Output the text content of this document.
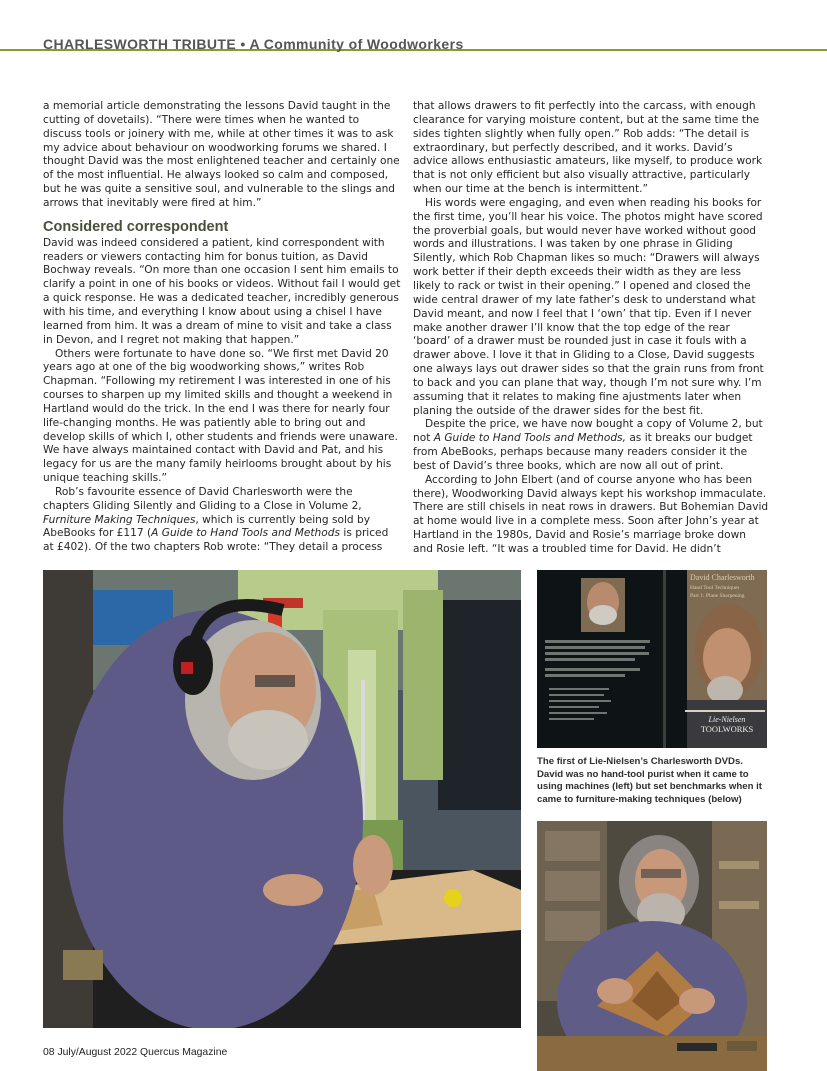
CHARLESWORTH TRIBUTE • A Community of Woodworkers

a memorial article demonstrating the lessons David taught in the cutting of dovetails). “There were times when he wanted to discuss tools or joinery with me, while at other times it was to ask my advice about behaviour on woodworking forums we shared. I thought David was the most enlightened teacher and certainly one of the most influential. He always looked so calm and composed, but he was quite a sensitive soul, and vulnerable to the slings and arrows that inevitably were fired at him.”

Considered correspondent

David was indeed considered a patient, kind correspondent with readers or viewers contacting him for bonus tuition, as David Bochway reveals. “On more than one occasion I sent him emails to clarify a point in one of his books or videos. Without fail I would get a quick response. He was a dedicated teacher, incredibly generous with his time, and everything I know about using a chisel I have learned from him. It was a dream of mine to visit and take a class in Devon, and I regret not making that happen.”

Others were fortunate to have done so. “We first met David 20 years ago at one of the big woodworking shows,” writes Rob Chapman. “Following my retirement I was interested in one of his courses to sharpen up my limited skills and thought a weekend in Hartland would do the trick. In the end I was there for nearly four life-changing months. He was patiently able to bring out and develop skills of which I, other students and friends were unaware. We have always maintained contact with David and Pat, and his legacy for us are the many family heirlooms brought about by his unique teaching skills.”

Rob’s favourite essence of David Charlesworth were the chapters Gliding Silently and Gliding to a Close in Volume 2, Furniture Making Techniques, which is currently being sold by AbeBooks for £117 (A Guide to Hand Tools and Methods is priced at £402). Of the two chapters Rob wrote: “They detail a process

that allows drawers to fit perfectly into the carcass, with enough clearance for varying moisture content, but at the same time the sides tighten slightly when fully open.” Rob adds: “The detail is extraordinary, but perfectly described, and it works. David’s advice allows enthusiastic amateurs, like myself, to produce work that is not only efficient but also visually attractive, particularly when our time at the bench is intermittent.”

His words were engaging, and even when reading his books for the first time, you’ll hear his voice. The photos might have scored the proverbial goals, but would never have worked without good words and illustrations. I was taken by one phrase in Gliding Silently, which Rob Chapman likes so much: “Drawers will always work better if their depth exceeds their width as they are less likely to rack or twist in their opening.” I opened and closed the wide central drawer of my late father’s desk to understand what David meant, and now I feel that I ‘own’ that tip. Even if I never make another drawer I’ll know that the top edge of the rear ‘board’ of a drawer must be rounded just in case it fouls with a drawer above. I love it that in Gliding to a Close, David suggests one always lays out drawer sides so that the grain runs from front to back and you can plane that way, though I’m not sure why. I’m assuming that it relates to making fine ajustments later when planing the outside of the drawer sides for the best fit.

Despite the price, we have now bought a copy of Volume 2, but not A Guide to Hand Tools and Methods, as it breaks our budget from AbeBooks, perhaps because many readers consider it the best of David’s three books, which are now all out of print.

According to John Elbert (and of course anyone who has been there), Woodworking David always kept his workshop immaculate. There are still chisels in neat rows in drawers. But Bohemian David at home would live in a complete mess. Soon after John’s year at Hartland in the 1980s, David and Rosie’s marriage broke down and Rosie left. “It was a troubled time for David. He didn’t

David Charlesworth
Hand Tool Techniques
Part 1: Plane Sharpening
Lie-Nielsen
TOOLWORKS

The first of Lie-Nielsen’s Charlesworth DVDs. David was no hand-tool purist when it came to using machines (left) but set benchmarks when it came to furniture-making techniques (below)

08 July/August 2022 Quercus Magazine
